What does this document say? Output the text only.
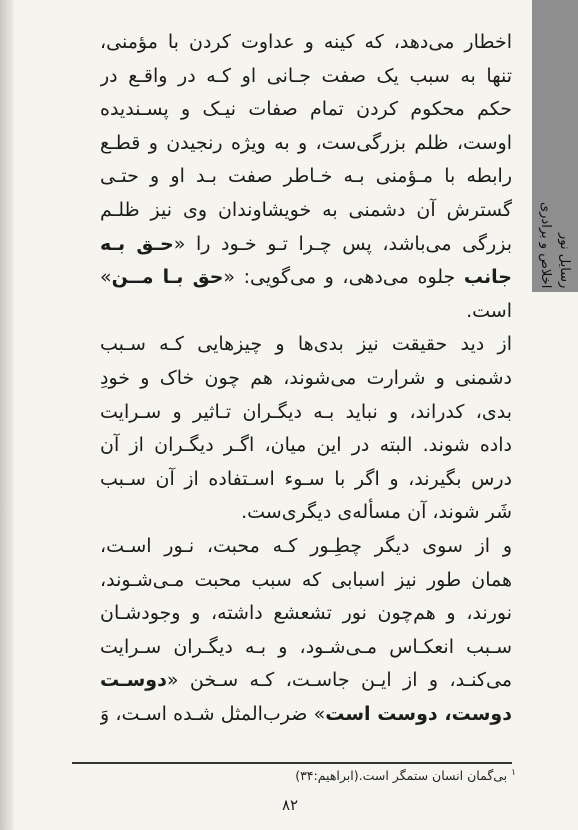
رسایل نور
اخلاص و برادری
اخطار می‌دهد، که کینه و عداوت کردن با مؤمنی،
تنها به سبب یک صفت جـانی او کـه در واقـع در
حکم محکوم کردن تمام صفات نیـک و پسـندیده
اوست، ظلم بزرگی‌ست، و به ویژه رنجیدن و قطـع
رابطه با مـؤمنی بـه خـاطر صفت بـد او و حتـی
گسترش آن دشمنی به خویشاوندان وی نیز ظلـم
بزرگی می‌باشد، پس چـرا تـو خـود را «حـق بـه
جانب جلوه می‌دهی، و می‌گویی: «حق بـا مــن»
است.
از دید حقیقت نیز بدی‌ها و چیزهایی کـه سـبب
دشمنی و شرارت می‌شوند، هم چون خاک و خودِ
بدی، کدراند، و نباید بـه دیگـران تـاثیر و سـرایت
داده شوند. البته در این میان، اگـر دیگـران از آن
درس بگیرند، و اگر با سـوء اسـتفاده از آن سـبب
شَر شوند، آن مسأله‌ی دیگری‌ست.
و از سوی دیگر چطِـور کـه محبت، نـور اسـت،
همان طور نیز اسبابی که سبب محبت مـی‌شـوند،
نورند، و هم‌چون نور تشعشع داشته، و وجودشـان
سـبب انعکـاس مـی‌شـود، و بـه دیگـران سـرایت
می‌کنـد، و از ایـن جاسـت، کـه سـخن «دوسـت
دوست، دوست است» ضرب‌المثل شـده اسـت، وَ
$^۱$ بی‌گمان انسان ستمگر است.(ابراهیم:۳۴)
۸۲
